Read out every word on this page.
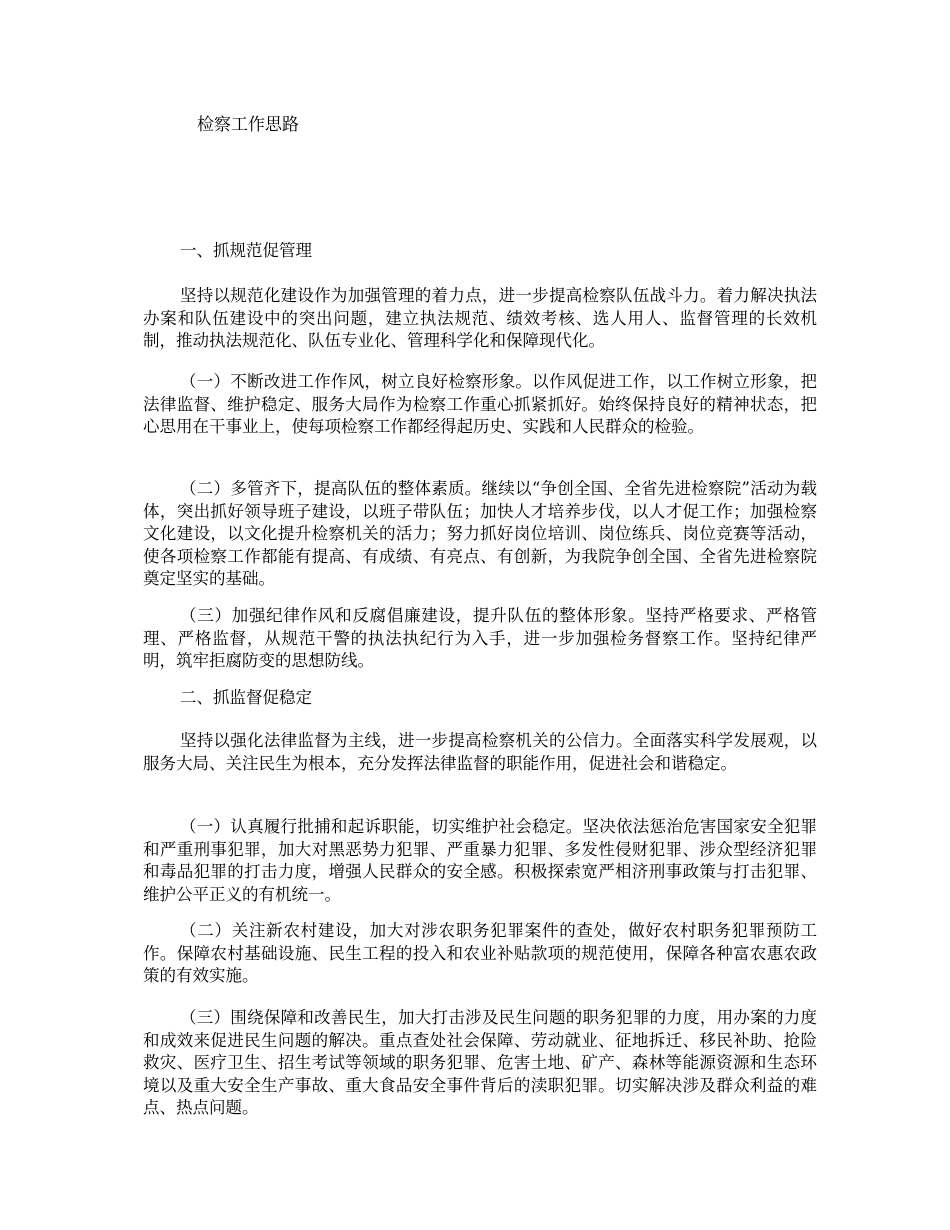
检察工作思路
一、抓规范促管理

坚持以规范化建设作为加强管理的着力点，进一步提高检察队伍战斗力。着力解决执法办案和队伍建设中的突出问题，建立执法规范、绩效考核、选人用人、监督管理的长效机制，推动执法规范化、队伍专业化、管理科学化和保障现代化。

（一）不断改进工作作风，树立良好检察形象。以作风促进工作，以工作树立形象，把法律监督、维护稳定、服务大局作为检察工作重心抓紧抓好。始终保持良好的精神状态，把心思用在干事业上，使每项检察工作都经得起历史、实践和人民群众的检验。

（二）多管齐下，提高队伍的整体素质。继续以“争创全国、全省先进检察院”活动为载体，突出抓好领导班子建设，以班子带队伍；加快人才培养步伐，以人才促工作；加强检察文化建设，以文化提升检察机关的活力；努力抓好岗位培训、岗位练兵、岗位竞赛等活动，使各项检察工作都能有提高、有成绩、有亮点、有创新，为我院争创全国、全省先进检察院奠定坚实的基础。

（三）加强纪律作风和反腐倡廉建设，提升队伍的整体形象。坚持严格要求、严格管理、严格监督，从规范干警的执法执纪行为入手，进一步加强检务督察工作。坚持纪律严明，筑牢拒腐防变的思想防线。

二、抓监督促稳定

坚持以强化法律监督为主线，进一步提高检察机关的公信力。全面落实科学发展观，以服务大局、关注民生为根本，充分发挥法律监督的职能作用，促进社会和谐稳定。

（一）认真履行批捕和起诉职能，切实维护社会稳定。坚决依法惩治危害国家安全犯罪和严重刑事犯罪，加大对黑恶势力犯罪、严重暴力犯罪、多发性侵财犯罪、涉众型经济犯罪和毒品犯罪的打击力度，增强人民群众的安全感。积极探索宽严相济刑事政策与打击犯罪、维护公平正义的有机统一。

（二）关注新农村建设，加大对涉农职务犯罪案件的查处，做好农村职务犯罪预防工作。保障农村基础设施、民生工程的投入和农业补贴款项的规范使用，保障各种富农惠农政策的有效实施。

（三）围绕保障和改善民生，加大打击涉及民生问题的职务犯罪的力度，用办案的力度和成效来促进民生问题的解决。重点查处社会保障、劳动就业、征地拆迁、移民补助、抢险救灾、医疗卫生、招生考试等领域的职务犯罪、危害土地、矿产、森林等能源资源和生态环境以及重大安全生产事故、重大食品安全事件背后的渎职犯罪。切实解决涉及群众利益的难点、热点问题。
